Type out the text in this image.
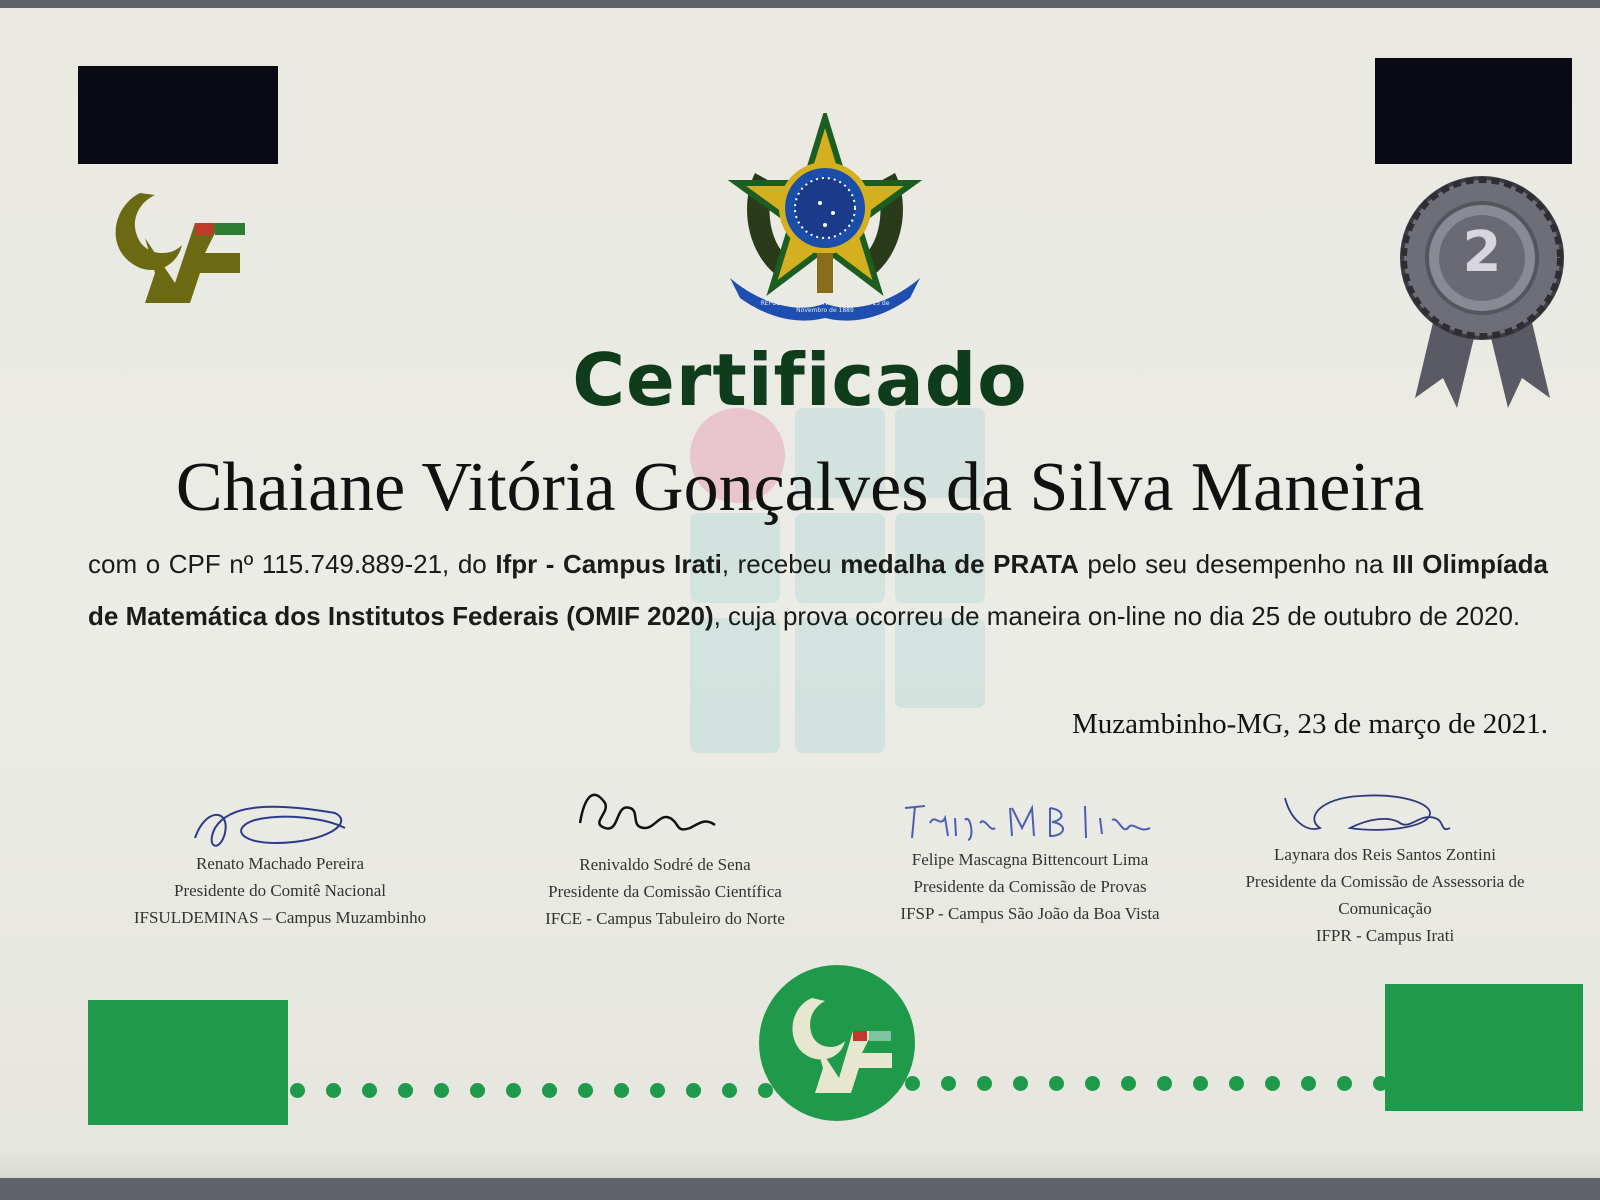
REPÚBLICA FEDERATIVA DO BRASIL · 15 de Novembro de 1889
2
Certificado
Chaiane Vitória Gonçalves da Silva Maneira
com o CPF nº 115.749.889-21, do Ifpr - Campus Irati, recebeu medalha de PRATA pelo seu desempenho na III Olimpíada de Matemática dos Institutos Federais (OMIF 2020), cuja prova ocorreu de maneira on-line no dia 25 de outubro de 2020.
Muzambinho-MG, 23 de março de 2021.
Renato Machado Pereira
Presidente do Comitê Nacional
IFSULDEMINAS – Campus Muzambinho
Renivaldo Sodré de Sena
Presidente da Comissão Científica
IFCE - Campus Tabuleiro do Norte
Felipe Mascagna Bittencourt Lima
Presidente da Comissão de Provas
IFSP - Campus São João da Boa Vista
Laynara dos Reis Santos Zontini
Presidente da Comissão de Assessoria de Comunicação
IFPR - Campus Irati
